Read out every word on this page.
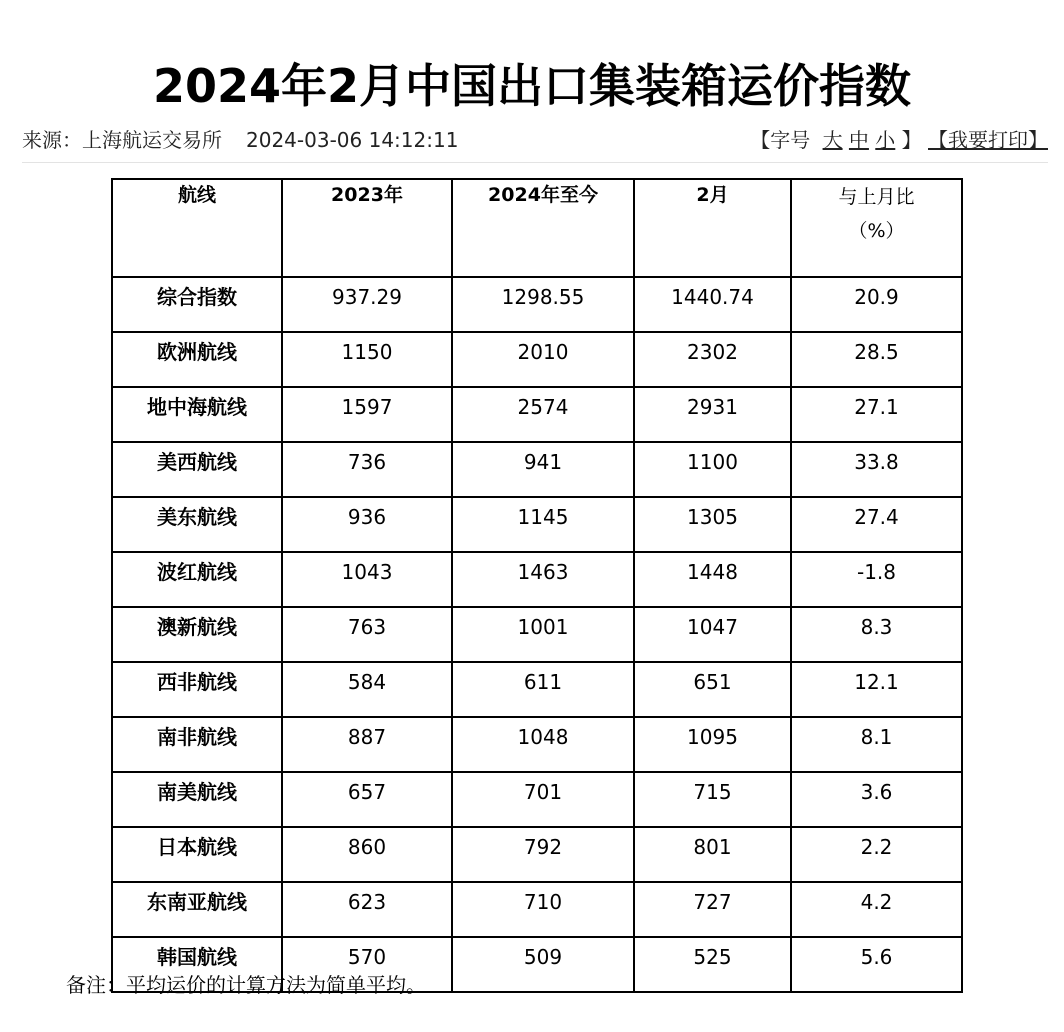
2024年2月中国出口集装箱运价指数
来源：上海航运交易所 2024-03-06 14:12:11	【字号 大 中 小 】 【我要打印】
航线	2023年	2024年至今	2月	与上月比
（%）

综合指数	937.29	1298.55	1440.74	20.9
欧洲航线	1150	2010	2302	28.5
地中海航线	1597	2574	2931	27.1
美西航线	736	941	1100	33.8
美东航线	936	1145	1305	27.4
波红航线	1043	1463	1448	-1.8
澳新航线	763	1001	1047	8.3
西非航线	584	611	651	12.1
南非航线	887	1048	1095	8.1
南美航线	657	701	715	3.6
日本航线	860	792	801	2.2
东南亚航线	623	710	727	4.2
韩国航线	570	509	525	5.6
备注：平均运价的计算方法为简单平均。
